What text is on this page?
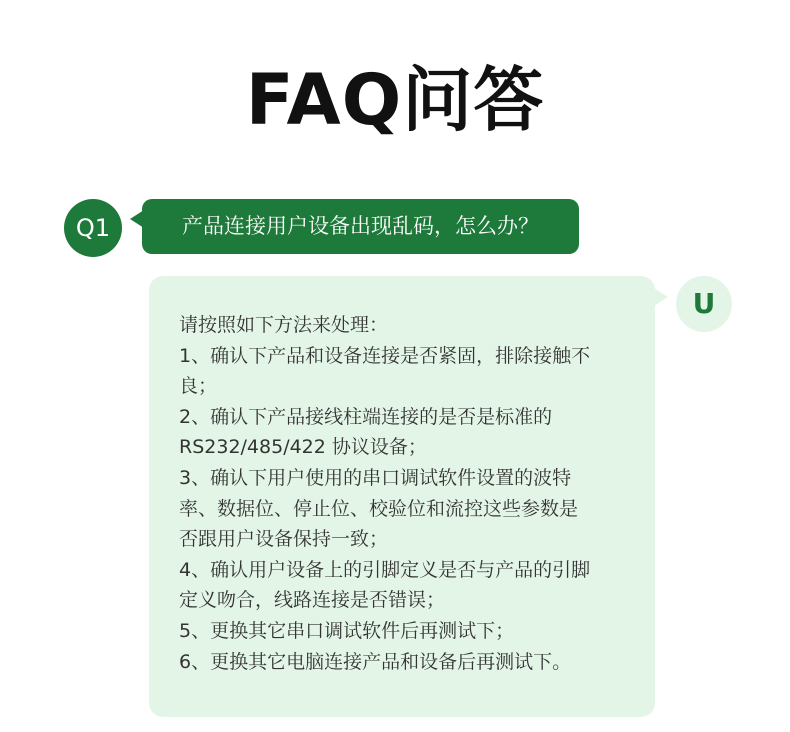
FAQ问答
Q1	产品连接用户设备出现乱码，怎么办？
请按照如下方法来处理：
1、确认下产品和设备连接是否紧固，排除接触不
良；
2、确认下产品接线柱端连接的是否是标准的
RS232/485/422 协议设备；
3、确认下用户使用的串口调试软件设置的波特
率、数据位、停止位、校验位和流控这些参数是
否跟用户设备保持一致；
4、确认用户设备上的引脚定义是否与产品的引脚
定义吻合，线路连接是否错误；
5、更换其它串口调试软件后再测试下；
6、更换其它电脑连接产品和设备后再测试下。
U
